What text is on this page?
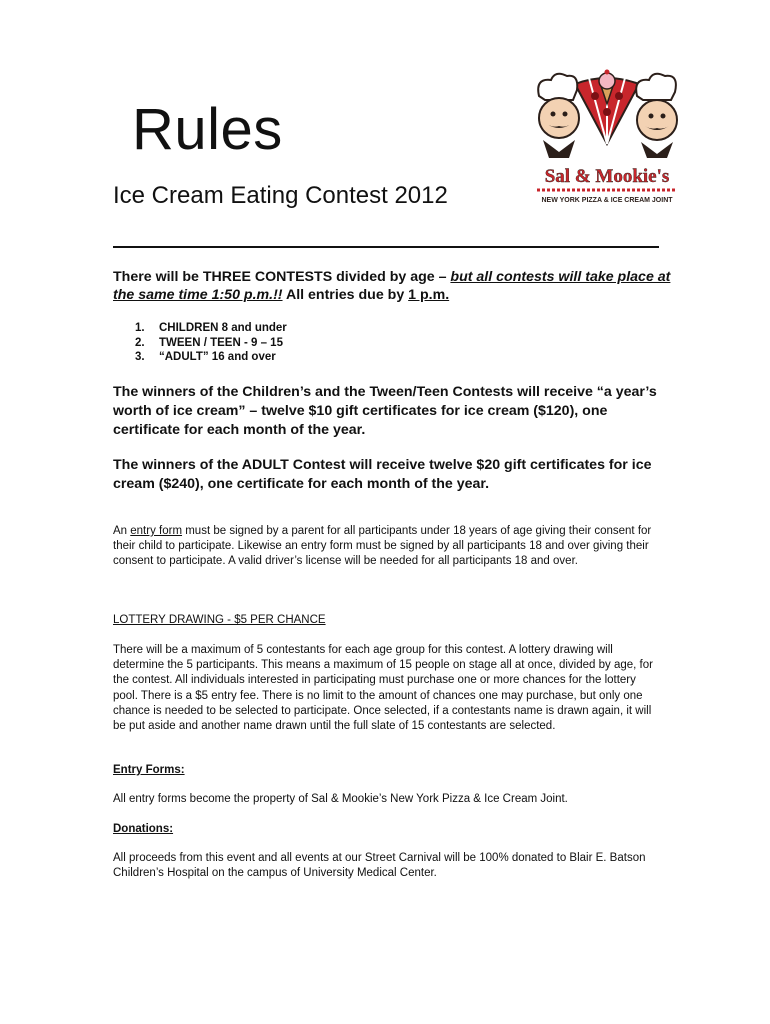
Rules
Ice Cream Eating Contest 2012
Sal & Mookie's
NEW YORK PIZZA & ICE CREAM JOINT

There will be THREE CONTESTS divided by age – but all contests will take place at the same time 1:50 p.m.!! All entries due by 1 p.m.

1.	CHILDREN 8 and under
2.	TWEEN / TEEN - 9 – 15
3.	“ADULT” 16 and over

The winners of the Children’s and the Tween/Teen Contests will receive “a year’s worth of ice cream” – twelve $10 gift certificates for ice cream ($120), one certificate for each month of the year.

The winners of the ADULT Contest will receive twelve $20 gift certificates for ice cream ($240), one certificate for each month of the year.

An entry form must be signed by a parent for all participants under 18 years of age giving their consent for their child to participate. Likewise an entry form must be signed by all participants 18 and over giving their consent to participate. A valid driver’s license will be needed for all participants 18 and over.

LOTTERY DRAWING - $5 PER CHANCE

There will be a maximum of 5 contestants for each age group for this contest. A lottery drawing will determine the 5 participants. This means a maximum of 15 people on stage all at once, divided by age, for the contest. All individuals interested in participating must purchase one or more chances for the lottery pool. There is a $5 entry fee. There is no limit to the amount of chances one may purchase, but only one chance is needed to be selected to participate. Once selected, if a contestants name is drawn again, it will be put aside and another name drawn until the full slate of 15 contestants are selected.

Entry Forms:

All entry forms become the property of Sal & Mookie’s New York Pizza & Ice Cream Joint.

Donations:

All proceeds from this event and all events at our Street Carnival will be 100% donated to Blair E. Batson Children’s Hospital on the campus of University Medical Center.
